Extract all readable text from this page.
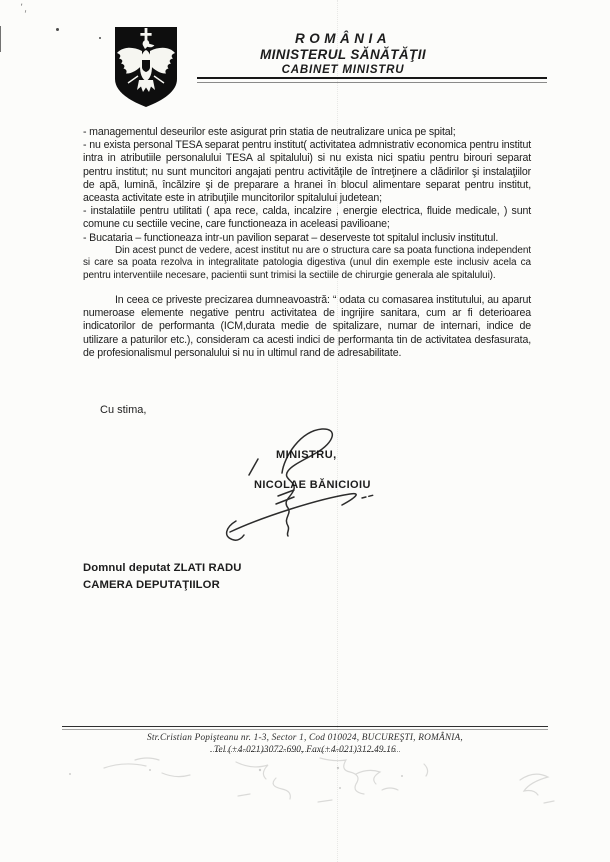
' ,
ROMÂNIA
MINISTERUL SĂNĂTĂŢII
CABINET MINISTRU

- managementul deseurilor este asigurat prin statia de neutralizare unica pe spital;

- nu exista personal TESA separat pentru institut( activitatea admnistrativ economica pentru institut intra in atributiile personalului TESA al spitalului) si nu exista nici spatiu pentru birouri separat pentru institut; nu sunt muncitori angajati pentru activităţile de întreţinere a clădirilor şi instalaţiilor de apă, lumină, încălzire şi de preparare a hranei în blocul alimentare separat pentru institut, aceasta activitate este in atribuţiile muncitorilor spitalului judetean;

- instalatiile pentru utilitati ( apa rece, calda, incalzire , energie electrica, fluide medicale, ) sunt comune cu sectiile vecine, care functioneaza in aceleasi pavilioane;

- Bucataria – functioneaza intr-un pavilion separat – deserveste tot spitalul inclusiv institutul.

Din acest punct de vedere, acest institut nu are o structura care sa poata functiona independent si care sa poata rezolva in integralitate patologia digestiva (unul din exemple este inclusiv acela ca pentru interventiile necesare, pacientii sunt trimisi la sectiile de chirurgie generala ale spitalului).

In ceea ce priveste precizarea dumneavoastră: “ odata cu comasarea institutului, au aparut numeroase elemente negative pentru activitatea de ingrijire sanitara, cum ar fi deterioarea indicatorilor de performanta (ICM,durata medie de spitalizare, numar de internari, indice de utilizare a paturilor etc.), consideram ca acesti indici de performanta tin de activitatea desfasurata, de profesionalismul personalului si nu in ultimul rand de adresabilitate.

Cu stima,
MINISTRU,
NICOLAE BĂNICIOIU
Domnul deputat ZLATI RADU
CAMERA DEPUTAŢIILOR
Str.Cristian Popişteanu nr. 1-3, Sector 1, Cod 010024, BUCUREŞTI, ROMÂNIA,
Tel (+4-021)3072-690, Fax(+4-021)312.49.16
